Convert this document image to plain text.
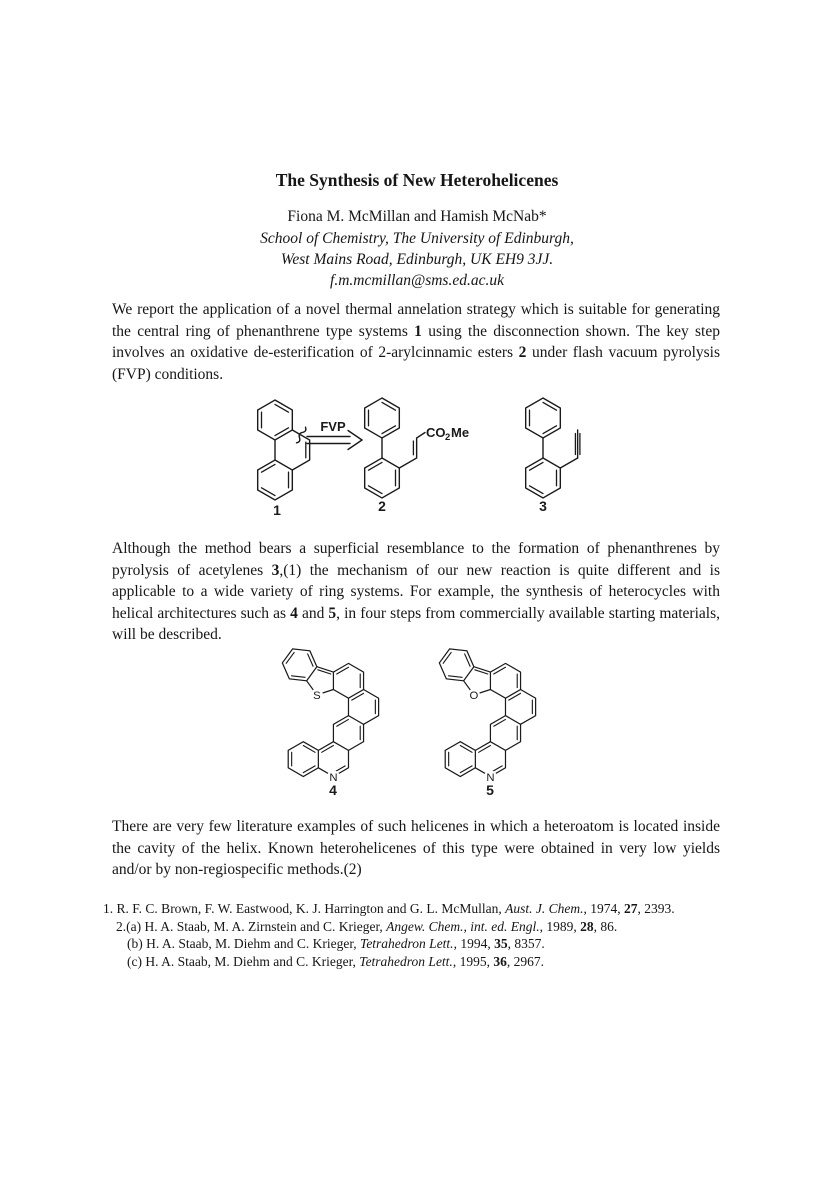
The Synthesis of New Heterohelicenes
Fiona M. McMillan and Hamish McNab*
School of Chemistry, The University of Edinburgh,
West Mains Road, Edinburgh, UK EH9 3JJ.
f.m.mcmillan@sms.ed.ac.uk

We report the application of a novel thermal annelation strategy which is suitable for generating the central ring of phenanthrene type systems 1 using the disconnection shown. The key step involves an oxidative de-esterification of 2-arylcinnamic esters 2 under flash vacuum pyrolysis (FVP) conditions.

1
FVP	CO 2 Me
2	3

Although the method bears a superficial resemblance to the formation of phenanthrenes by pyrolysis of acetylenes 3,(1) the mechanism of our new reaction is quite different and is applicable to a wide variety of ring systems. For example, the synthesis of heterocycles with helical architectures such as 4 and 5, in four steps from commercially available starting materials, will be described.

S
N
4
O
N
5

There are very few literature examples of such helicenes in which a heteroatom is located inside the cavity of the helix. Known heterohelicenes of this type were obtained in very low yields and/or by non-regiospecific methods.(2)

1. R. F. C. Brown, F. W. Eastwood, K. J. Harrington and G. L. McMullan, Aust. J. Chem., 1974, 27, 2393.
2.(a) H. A. Staab, M. A. Zirnstein and C. Krieger, Angew. Chem., int. ed. Engl., 1989, 28, 86.
(b) H. A. Staab, M. Diehm and C. Krieger, Tetrahedron Lett., 1994, 35, 8357.
(c) H. A. Staab, M. Diehm and C. Krieger, Tetrahedron Lett., 1995, 36, 2967.
